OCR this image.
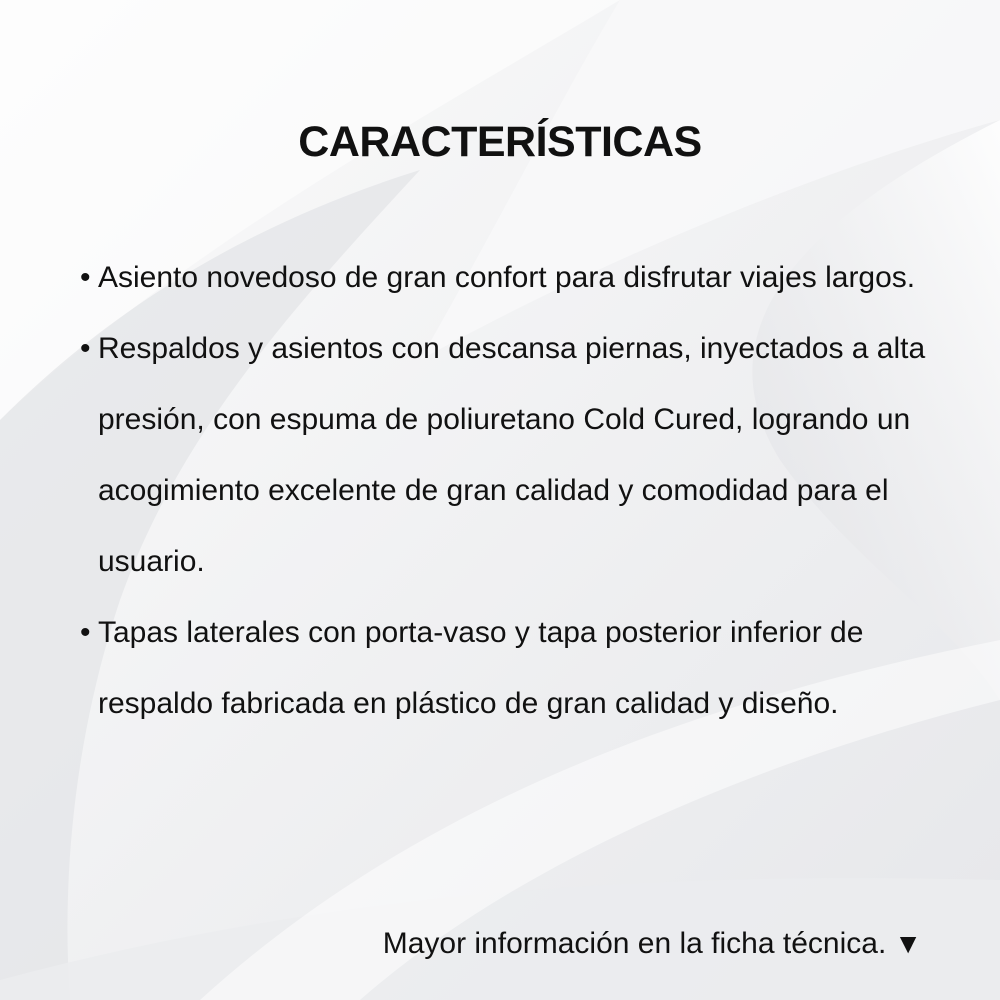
CARACTERÍSTICAS
• Asiento novedoso de gran confort para disfrutar viajes largos.
• Respaldos y asientos con descansa piernas, inyectados a alta presión, con espuma de poliuretano Cold Cured, logrando un acogimiento excelente de gran calidad y comodidad para el usuario.
• Tapas laterales con porta-vaso y tapa posterior inferior de respaldo fabricada en plástico de gran calidad y diseño.
Mayor información en la ficha técnica. ▼
